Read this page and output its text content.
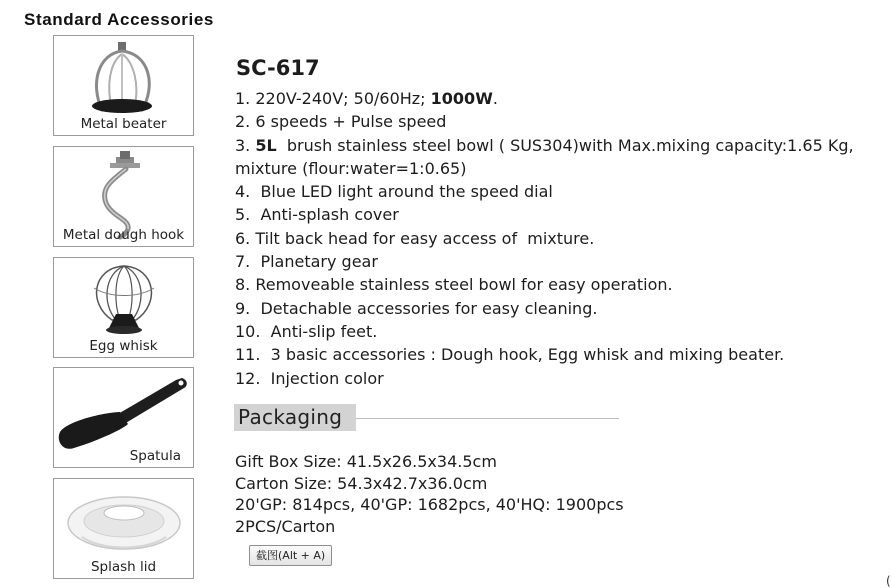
Standard Accessories
Metal beater
Metal dough hook
Egg whisk
Spatula
Splash lid
SC-617
1. 220V-240V; 50/60Hz; 1000W.
2. 6 speeds + Pulse speed
3. 5L  brush stainless steel bowl ( SUS304)with Max.mixing capacity:1.65 Kg,
mixture (flour:water=1:0.65)
4.  Blue LED light around the speed dial
5.  Anti-splash cover
6. Tilt back head for easy access of  mixture.
7.  Planetary gear
8. Removeable stainless steel bowl for easy operation.
9.  Detachable accessories for easy cleaning.
10.  Anti-slip feet.
11.  3 basic accessories : Dough hook, Egg whisk and mixing beater.
12.  Injection color
Packaging
Gift Box Size: 41.5x26.5x34.5cm
Carton Size: 54.3x42.7x36.0cm
20'GP: 814pcs, 40'GP: 1682pcs, 40'HQ: 1900pcs
2PCS/Carton
截图(Alt + A)
(
